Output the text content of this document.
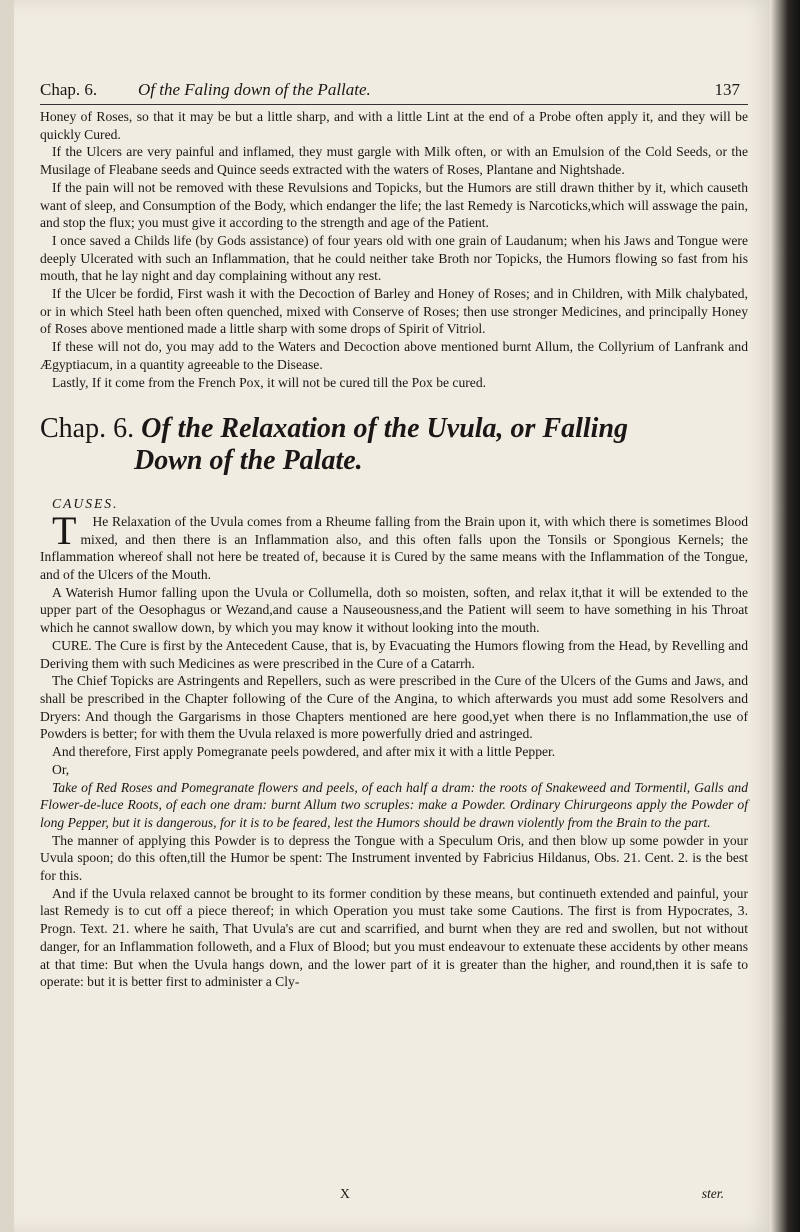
Chap. 6. Of the Faling down of the Pallate.	137

Honey of Roses, so that it may be but a little sharp, and with a little Lint at the end of a Probe often apply it, and they will be quickly Cured.

If the Ulcers are very painful and inflamed, they must gargle with Milk often, or with an Emulsion of the Cold Seeds, or the Musilage of Fleabane seeds and Quince seeds extracted with the waters of Roses, Plantane and Nightshade.

If the pain will not be removed with these Revulsions and Topicks, but the Humors are still drawn thither by it, which causeth want of sleep, and Consumption of the Body, which endanger the life; the last Remedy is Narcoticks,which will asswage the pain, and stop the flux; you must give it according to the strength and age of the Patient.

I once saved a Childs life (by Gods assistance) of four years old with one grain of Laudanum; when his Jaws and Tongue were deeply Ulcerated with such an Inflammation, that he could neither take Broth nor Topicks, the Humors flowing so fast from his mouth, that he lay night and day complaining without any rest.

If the Ulcer be fordid, First wash it with the Decoction of Barley and Honey of Roses; and in Children, with Milk chalybated, or in which Steel hath been often quenched, mixed with Conserve of Roses; then use stronger Medicines, and principally Honey of Roses above mentioned made a little sharp with some drops of Spirit of Vitriol.

If these will not do, you may add to the Waters and Decoction above mentioned burnt Allum, the Collyrium of Lanfrank and Ægyptiacum, in a quantity agreeable to the Disease.

Lastly, If it come from the French Pox, it will not be cured till the Pox be cured.

Chap. 6. Of the Relaxation of the Uvula, or Falling
Down of the Palate.

CAUSES.

T He Relaxation of the Uvula comes from a Rheume falling from the Brain upon it, with which there is sometimes Blood mixed, and then there is an Inflammation also, and this often falls upon the Tonsils or Spongious Kernels; the Inflammation whereof shall not here be treated of, because it is Cured by the same means with the Inflammation of the Tongue, and of the Ulcers of the Mouth.

A Waterish Humor falling upon the Uvula or Collumella, doth so moisten, soften, and relax it,that it will be extended to the upper part of the Oesophagus or Wezand,and cause a Nauseousness,and the Patient will seem to have something in his Throat which he cannot swallow down, by which you may know it without looking into the mouth.

CURE. The Cure is first by the Antecedent Cause, that is, by Evacuating the Humors flowing from the Head, by Revelling and Deriving them with such Medicines as were prescribed in the Cure of a Catarrh.

The Chief Topicks are Astringents and Repellers, such as were prescribed in the Cure of the Ulcers of the Gums and Jaws, and shall be prescribed in the Chapter following of the Cure of the Angina, to which afterwards you must add some Resolvers and Dryers: And though the Gargarisms in those Chapters mentioned are here good,yet when there is no Inflammation,the use of Powders is better; for with them the Uvula relaxed is more powerfully dried and astringed.

And therefore, First apply Pomegranate peels powdered, and after mix it with a little Pepper.

Or,

Take of Red Roses and Pomegranate flowers and peels, of each half a dram: the roots of Snakeweed and Tormentil, Galls and Flower-de-luce Roots, of each one dram: burnt Allum two scruples: make a Powder. Ordinary Chirurgeons apply the Powder of long Pepper, but it is dangerous, for it is to be feared, lest the Humors should be drawn violently from the Brain to the part.

The manner of applying this Powder is to depress the Tongue with a Speculum Oris, and then blow up some powder in your Uvula spoon; do this often,till the Humor be spent: The Instrument invented by Fabricius Hildanus, Obs. 21. Cent. 2. is the best for this.

And if the Uvula relaxed cannot be brought to its former condition by these means, but continueth extended and painful, your last Remedy is to cut off a piece thereof; in which Operation you must take some Cautions. The first is from Hypocrates, 3. Progn. Text. 21. where he saith, That Uvula's are cut and scarrified, and burnt when they are red and swollen, but not without danger, for an Inflammation followeth, and a Flux of Blood; but you must endeavour to extenuate these accidents by other means at that time: But when the Uvula hangs down, and the lower part of it is greater than the higher, and round,then it is safe to operate: but it is better first to administer a Cly-

X	ster.
